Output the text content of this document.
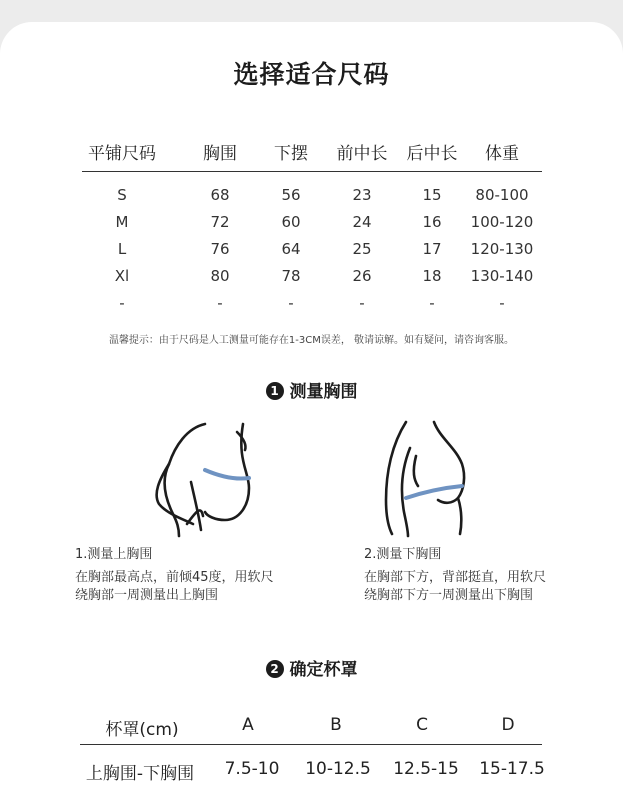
选择适合尺码
平铺尺码	胸围 下摆 前中长 后中长 体重
S	68	56	23	15 80-100
M	72	60	24	16 100-120
L	76	64	25	17 120-130
Xl	80	78	26	18 130-140
-	-	-	-	-	-
温馨提示：由于尺码是人工测量可能存在1-3CM误差， 敬请谅解。如有疑问，请咨询客服。
1 测量胸围
1.测量上胸围
在胸部最高点，前倾45度，用软尺
绕胸部一周测量出上胸围
2.测量下胸围
在胸部下方，背部挺直，用软尺
绕胸部下方一周测量出下胸围
2 确定杯罩
杯罩(cm)	A	B	C	D
上胸围-下胸围 7.5-10 10-12.5 12.5-15 15-17.5
